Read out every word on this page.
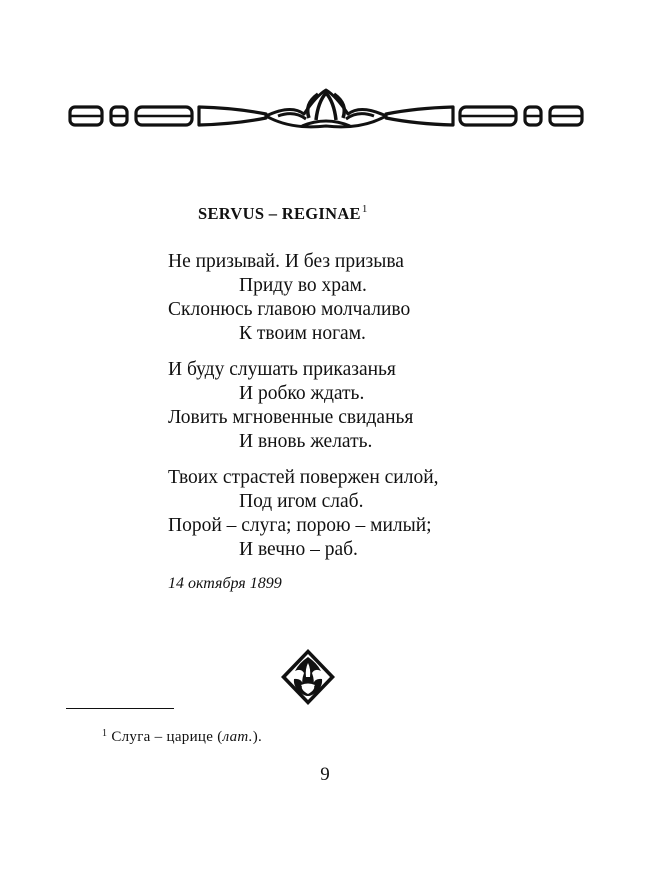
SERVUS – REGINAE$^1$
Не призывай. И без призыва
Приду во храм.
Склонюсь главою молчаливо
К твоим ногам.
И буду слушать приказанья
И робко ждать.
Ловить мгновенные свиданья
И вновь желать.
Твоих страстей повержен силой,
Под игом слаб.
Порой – слуга; порою – милый;
И вечно – раб.
14 октября 1899
$^1$ Слуга – царице (лат.).
9
